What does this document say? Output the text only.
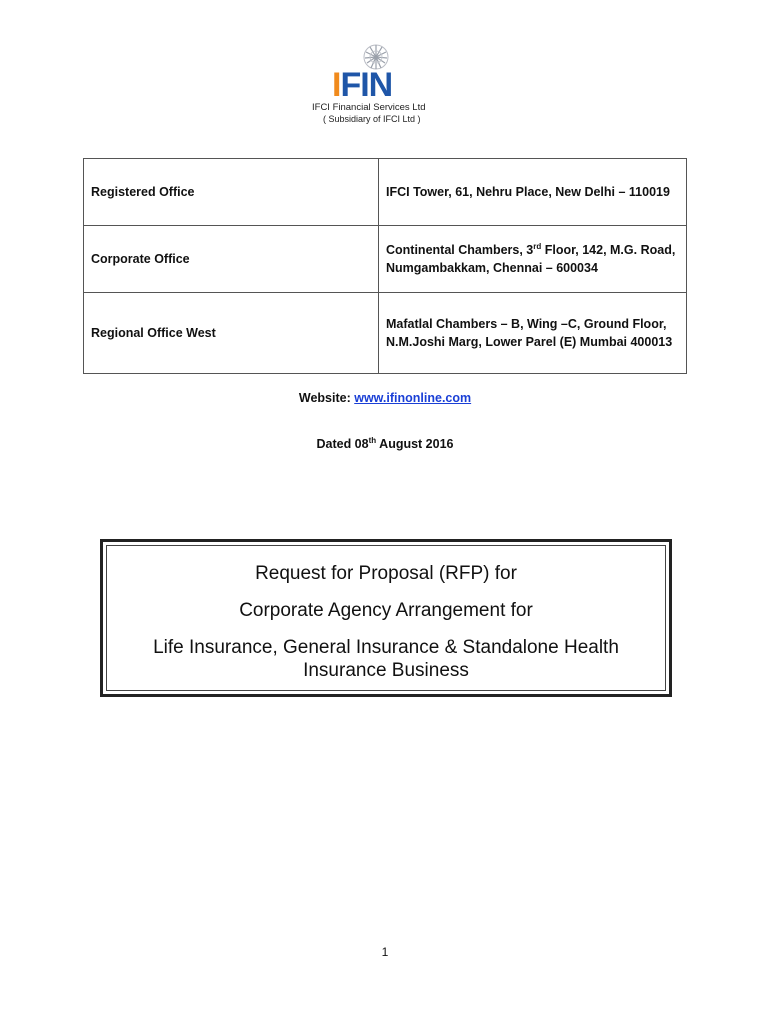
IFIN
IFCI Financial Services Ltd
( Subsidiary of IFCI Ltd )
Registered Office	IFCI Tower, 61, Nehru Place, New Delhi – 110019
Corporate Office	Continental Chambers, 3rd Floor, 142, M.G. Road, Numgambakkam, Chennai – 600034
Regional Office West	Mafatlal Chambers – B, Wing –C, Ground Floor, N.M.Joshi Marg, Lower Parel (E) Mumbai 400013
Website: www.ifinonline.com
Dated 08th August 2016
Request for Proposal (RFP) for
Corporate Agency Arrangement for
Life Insurance, General Insurance & Standalone Health
Insurance Business
1
